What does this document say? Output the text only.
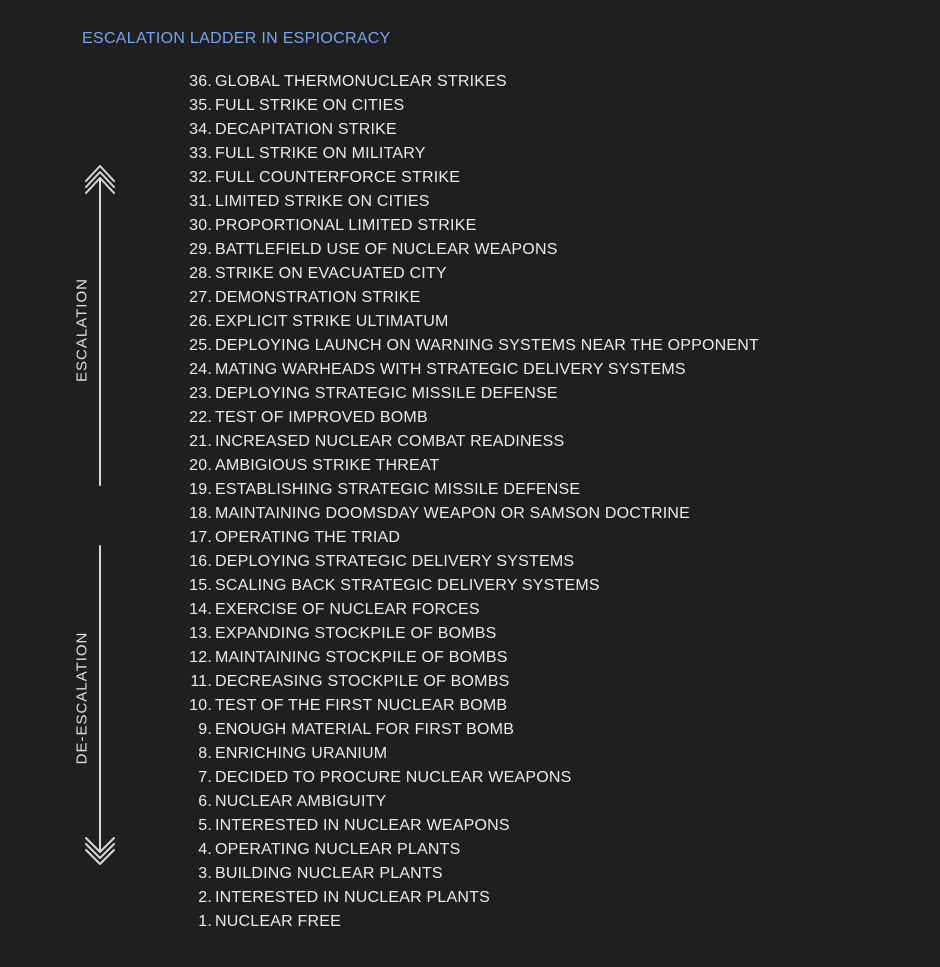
ESCALATION LADDER IN ESPIOCRACY
ESCALATION
DE-ESCALATION
36. GLOBAL THERMONUCLEAR STRIKES
35. FULL STRIKE ON CITIES
34. DECAPITATION STRIKE
33. FULL STRIKE ON MILITARY
32. FULL COUNTERFORCE STRIKE
31. LIMITED STRIKE ON CITIES
30. PROPORTIONAL LIMITED STRIKE
29. BATTLEFIELD USE OF NUCLEAR WEAPONS
28. STRIKE ON EVACUATED CITY
27. DEMONSTRATION STRIKE
26. EXPLICIT STRIKE ULTIMATUM
25. DEPLOYING LAUNCH ON WARNING SYSTEMS NEAR THE OPPONENT
24. MATING WARHEADS WITH STRATEGIC DELIVERY SYSTEMS
23. DEPLOYING STRATEGIC MISSILE DEFENSE
22. TEST OF IMPROVED BOMB
21. INCREASED NUCLEAR COMBAT READINESS
20. AMBIGIOUS STRIKE THREAT
19. ESTABLISHING STRATEGIC MISSILE DEFENSE
18. MAINTAINING DOOMSDAY WEAPON OR SAMSON DOCTRINE
17. OPERATING THE TRIAD
16. DEPLOYING STRATEGIC DELIVERY SYSTEMS
15. SCALING BACK STRATEGIC DELIVERY SYSTEMS
14. EXERCISE OF NUCLEAR FORCES
13. EXPANDING STOCKPILE OF BOMBS
12. MAINTAINING STOCKPILE OF BOMBS
11. DECREASING STOCKPILE OF BOMBS
10. TEST OF THE FIRST NUCLEAR BOMB
9. ENOUGH MATERIAL FOR FIRST BOMB
8. ENRICHING URANIUM
7. DECIDED TO PROCURE NUCLEAR WEAPONS
6. NUCLEAR AMBIGUITY
5. INTERESTED IN NUCLEAR WEAPONS
4. OPERATING NUCLEAR PLANTS
3. BUILDING NUCLEAR PLANTS
2. INTERESTED IN NUCLEAR PLANTS
1. NUCLEAR FREE
